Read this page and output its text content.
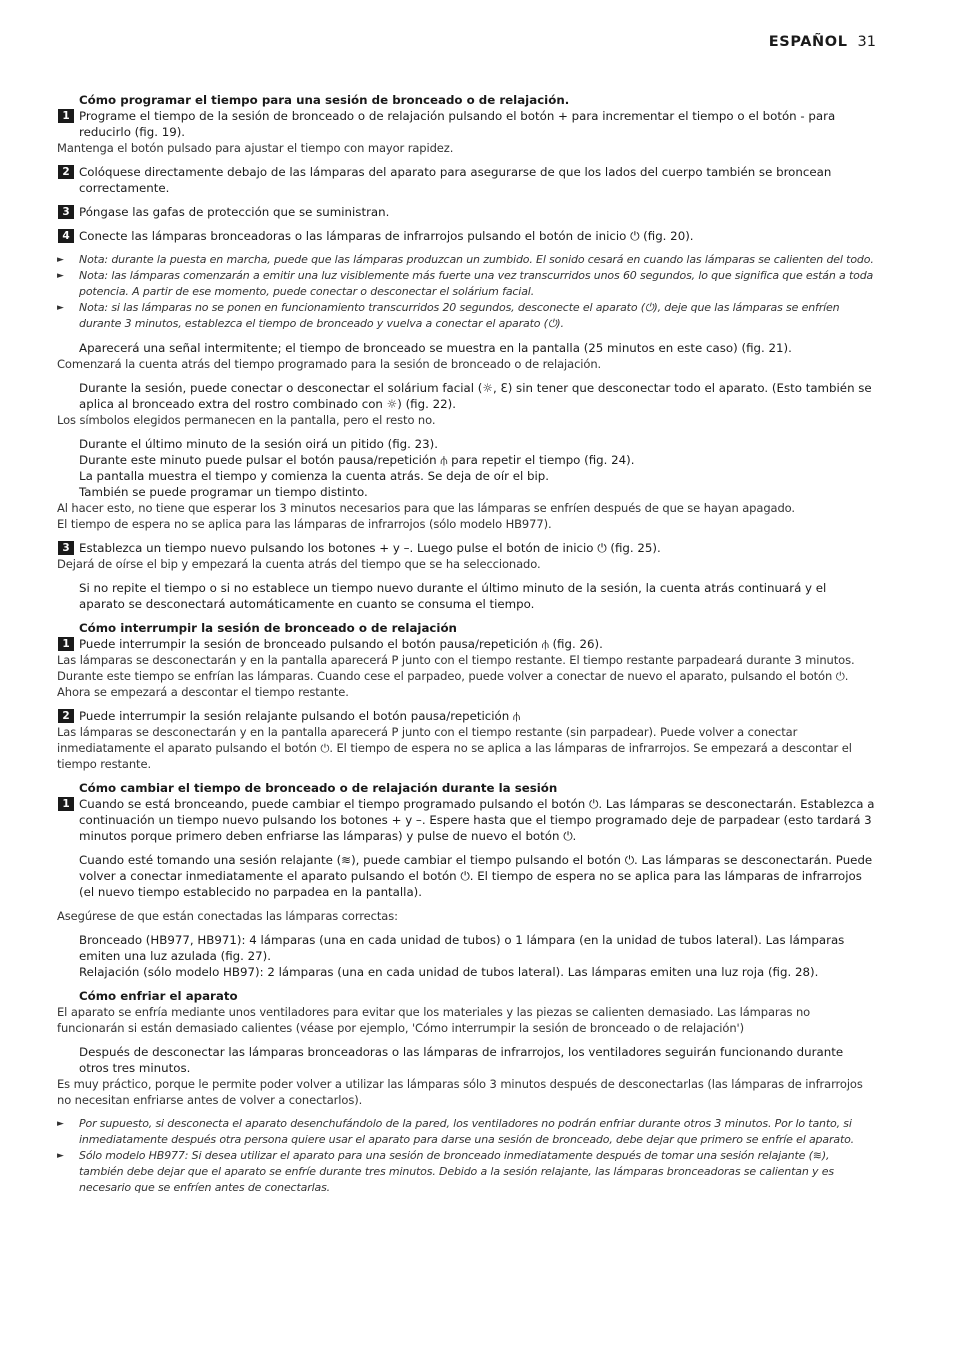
ESPAÑOL 31
Cómo programar el tiempo para una sesión de bronceado o de relajación.
1 Programe el tiempo de la sesión de bronceado o de relajación pulsando el botón + para incrementar el tiempo o el botón - para reducirlo (fig. 19).
Mantenga el botón pulsado para ajustar el tiempo con mayor rapidez.
2 Colóquese directamente debajo de las lámparas del aparato para asegurarse de que los lados del cuerpo también se broncean correctamente.
3 Póngase las gafas de protección que se suministran.
4 Conecte las lámparas bronceadoras o las lámparas de infrarrojos pulsando el botón de inicio ⏻ (fig. 20).
► Nota: durante la puesta en marcha, puede que las lámparas produzcan un zumbido. El sonido cesará en cuando las lámparas se calienten del todo.
► Nota: las lámparas comenzarán a emitir una luz visiblemente más fuerte una vez transcurridos unos 60 segundos, lo que significa que están a toda potencia. A partir de ese momento, puede conectar o desconectar el solárium facial.
► Nota: si las lámparas no se ponen en funcionamiento transcurridos 20 segundos, desconecte el aparato (⏻), deje que las lámparas se enfríen durante 3 minutos, establezca el tiempo de bronceado y vuelva a conectar el aparato (⏻).
Aparecerá una señal intermitente; el tiempo de bronceado se muestra en la pantalla (25 minutos en este caso) (fig. 21).
Comenzará la cuenta atrás del tiempo programado para la sesión de bronceado o de relajación.
Durante la sesión, puede conectar o desconectar el solárium facial (☼, ℇ) sin tener que desconectar todo el aparato. (Esto también se aplica al bronceado extra del rostro combinado con ☼) (fig. 22).
Los símbolos elegidos permanecen en la pantalla, pero el resto no.
Durante el último minuto de la sesión oirá un pitido (fig. 23).
Durante este minuto puede pulsar el botón pausa/repetición ⫛ para repetir el tiempo (fig. 24).
La pantalla muestra el tiempo y comienza la cuenta atrás. Se deja de oír el bip.
También se puede programar un tiempo distinto.
Al hacer esto, no tiene que esperar los 3 minutos necesarios para que las lámparas se enfríen después de que se hayan apagado.
El tiempo de espera no se aplica para las lámparas de infrarrojos (sólo modelo HB977).
3 Establezca un tiempo nuevo pulsando los botones + y –. Luego pulse el botón de inicio ⏻ (fig. 25).
Dejará de oírse el bip y empezará la cuenta atrás del tiempo que se ha seleccionado.
Si no repite el tiempo o si no establece un tiempo nuevo durante el último minuto de la sesión, la cuenta atrás continuará y el aparato se desconectará automáticamente en cuanto se consuma el tiempo.
Cómo interrumpir la sesión de bronceado o de relajación
1 Puede interrumpir la sesión de bronceado pulsando el botón pausa/repetición ⫛ (fig. 26).
Las lámparas se desconectarán y en la pantalla aparecerá P junto con el tiempo restante. El tiempo restante parpadeará durante 3 minutos. Durante este tiempo se enfrían las lámparas. Cuando cese el parpadeo, puede volver a conectar de nuevo el aparato, pulsando el botón ⏻. Ahora se empezará a descontar el tiempo restante.
2 Puede interrumpir la sesión relajante pulsando el botón pausa/repetición ⫛
Las lámparas se desconectarán y en la pantalla aparecerá P junto con el tiempo restante (sin parpadear). Puede volver a conectar inmediatamente el aparato pulsando el botón ⏻. El tiempo de espera no se aplica a las lámparas de infrarrojos. Se empezará a descontar el tiempo restante.
Cómo cambiar el tiempo de bronceado o de relajación durante la sesión
1 Cuando se está bronceando, puede cambiar el tiempo programado pulsando el botón ⏻. Las lámparas se desconectarán. Establezca a continuación un tiempo nuevo pulsando los botones + y –. Espere hasta que el tiempo programado deje de parpadear (esto tardará 3 minutos porque primero deben enfriarse las lámparas) y pulse de nuevo el botón ⏻.
Cuando esté tomando una sesión relajante (≋), puede cambiar el tiempo pulsando el botón ⏻. Las lámparas se desconectarán. Puede volver a conectar inmediatamente el aparato pulsando el botón ⏻. El tiempo de espera no se aplica para las lámparas de infrarrojos (el nuevo tiempo establecido no parpadea en la pantalla).
Asegúrese de que están conectadas las lámparas correctas:
Bronceado (HB977, HB971): 4 lámparas (una en cada unidad de tubos) o 1 lámpara (en la unidad de tubos lateral). Las lámparas emiten una luz azulada (fig. 27).
Relajación (sólo modelo HB97): 2 lámparas (una en cada unidad de tubos lateral). Las lámparas emiten una luz roja (fig. 28).
Cómo enfriar el aparato
El aparato se enfría mediante unos ventiladores para evitar que los materiales y las piezas se calienten demasiado. Las lámparas no funcionarán si están demasiado calientes (véase por ejemplo, 'Cómo interrumpir la sesión de bronceado o de relajación')
Después de desconectar las lámparas bronceadoras o las lámparas de infrarrojos, los ventiladores seguirán funcionando durante otros tres minutos.
Es muy práctico, porque le permite poder volver a utilizar las lámparas sólo 3 minutos después de desconectarlas (las lámparas de infrarrojos no necesitan enfriarse antes de volver a conectarlos).
► Por supuesto, si desconecta el aparato desenchufándolo de la pared, los ventiladores no podrán enfriar durante otros 3 minutos. Por lo tanto, si inmediatamente después otra persona quiere usar el aparato para darse una sesión de bronceado, debe dejar que primero se enfríe el aparato.
► Sólo modelo HB977: Si desea utilizar el aparato para una sesión de bronceado inmediatamente después de tomar una sesión relajante (≋), también debe dejar que el aparato se enfríe durante tres minutos. Debido a la sesión relajante, las lámparas bronceadoras se calientan y es necesario que se enfríen antes de conectarlas.
